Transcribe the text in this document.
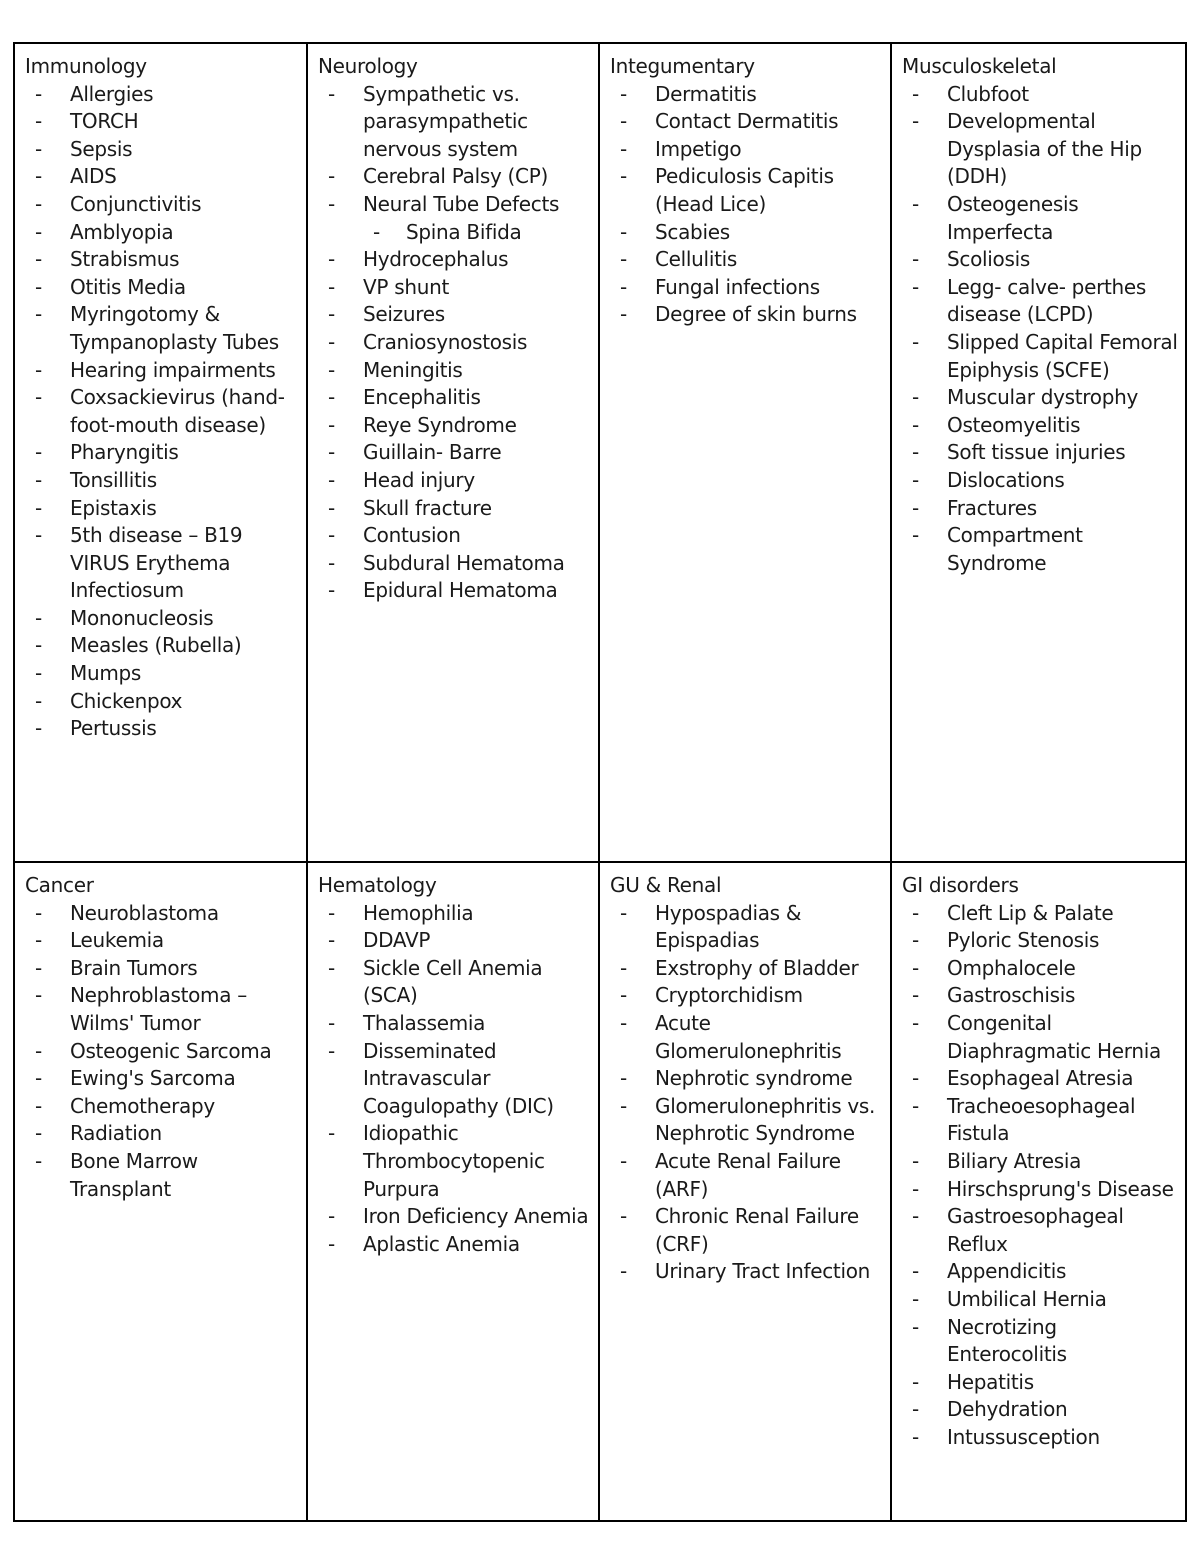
Immunology
- Allergies
- TORCH
- Sepsis
- AIDS
- Conjunctivitis
- Amblyopia
- Strabismus
- Otitis Media
- Myringotomy & Tympanoplasty Tubes
- Hearing impairments
- Coxsackievirus (hand-foot-mouth disease)
- Pharyngitis
- Tonsillitis
- Epistaxis
- 5th disease – B19 VIRUS Erythema Infectiosum
- Mononucleosis
- Measles (Rubella)
- Mumps
- Chickenpox
- Pertussis
Neurology
- Sympathetic vs. parasympathetic nervous system
- Cerebral Palsy (CP)
- Neural Tube Defects
- Spina Bifida
- Hydrocephalus
- VP shunt
- Seizures
- Craniosynostosis
- Meningitis
- Encephalitis
- Reye Syndrome
- Guillain- Barre
- Head injury
- Skull fracture
- Contusion
- Subdural Hematoma
- Epidural Hematoma
Integumentary
- Dermatitis
- Contact Dermatitis
- Impetigo
- Pediculosis Capitis (Head Lice)
- Scabies
- Cellulitis
- Fungal infections
- Degree of skin burns
Musculoskeletal
- Clubfoot
- Developmental Dysplasia of the Hip (DDH)
- Osteogenesis Imperfecta
- Scoliosis
- Legg- calve- perthes disease (LCPD)
- Slipped Capital Femoral Epiphysis (SCFE)
- Muscular dystrophy
- Osteomyelitis
- Soft tissue injuries
- Dislocations
- Fractures
- Compartment Syndrome
Cancer
- Neuroblastoma
- Leukemia
- Brain Tumors
- Nephroblastoma – Wilms' Tumor
- Osteogenic Sarcoma
- Ewing's Sarcoma
- Chemotherapy
- Radiation
- Bone Marrow Transplant
Hematology
- Hemophilia
- DDAVP
- Sickle Cell Anemia (SCA)
- Thalassemia
- Disseminated Intravascular Coagulopathy (DIC)
- Idiopathic Thrombocytopenic Purpura
- Iron Deficiency Anemia
- Aplastic Anemia
GU & Renal
- Hypospadias & Epispadias
- Exstrophy of Bladder
- Cryptorchidism
- Acute Glomerulonephritis
- Nephrotic syndrome
- Glomerulonephritis vs. Nephrotic Syndrome
- Acute Renal Failure (ARF)
- Chronic Renal Failure (CRF)
- Urinary Tract Infection
GI disorders
- Cleft Lip & Palate
- Pyloric Stenosis
- Omphalocele
- Gastroschisis
- Congenital Diaphragmatic Hernia
- Esophageal Atresia
- Tracheoesophageal Fistula
- Biliary Atresia
- Hirschsprung's Disease
- Gastroesophageal Reflux
- Appendicitis
- Umbilical Hernia
- Necrotizing Enterocolitis
- Hepatitis
- Dehydration
- Intussusception
